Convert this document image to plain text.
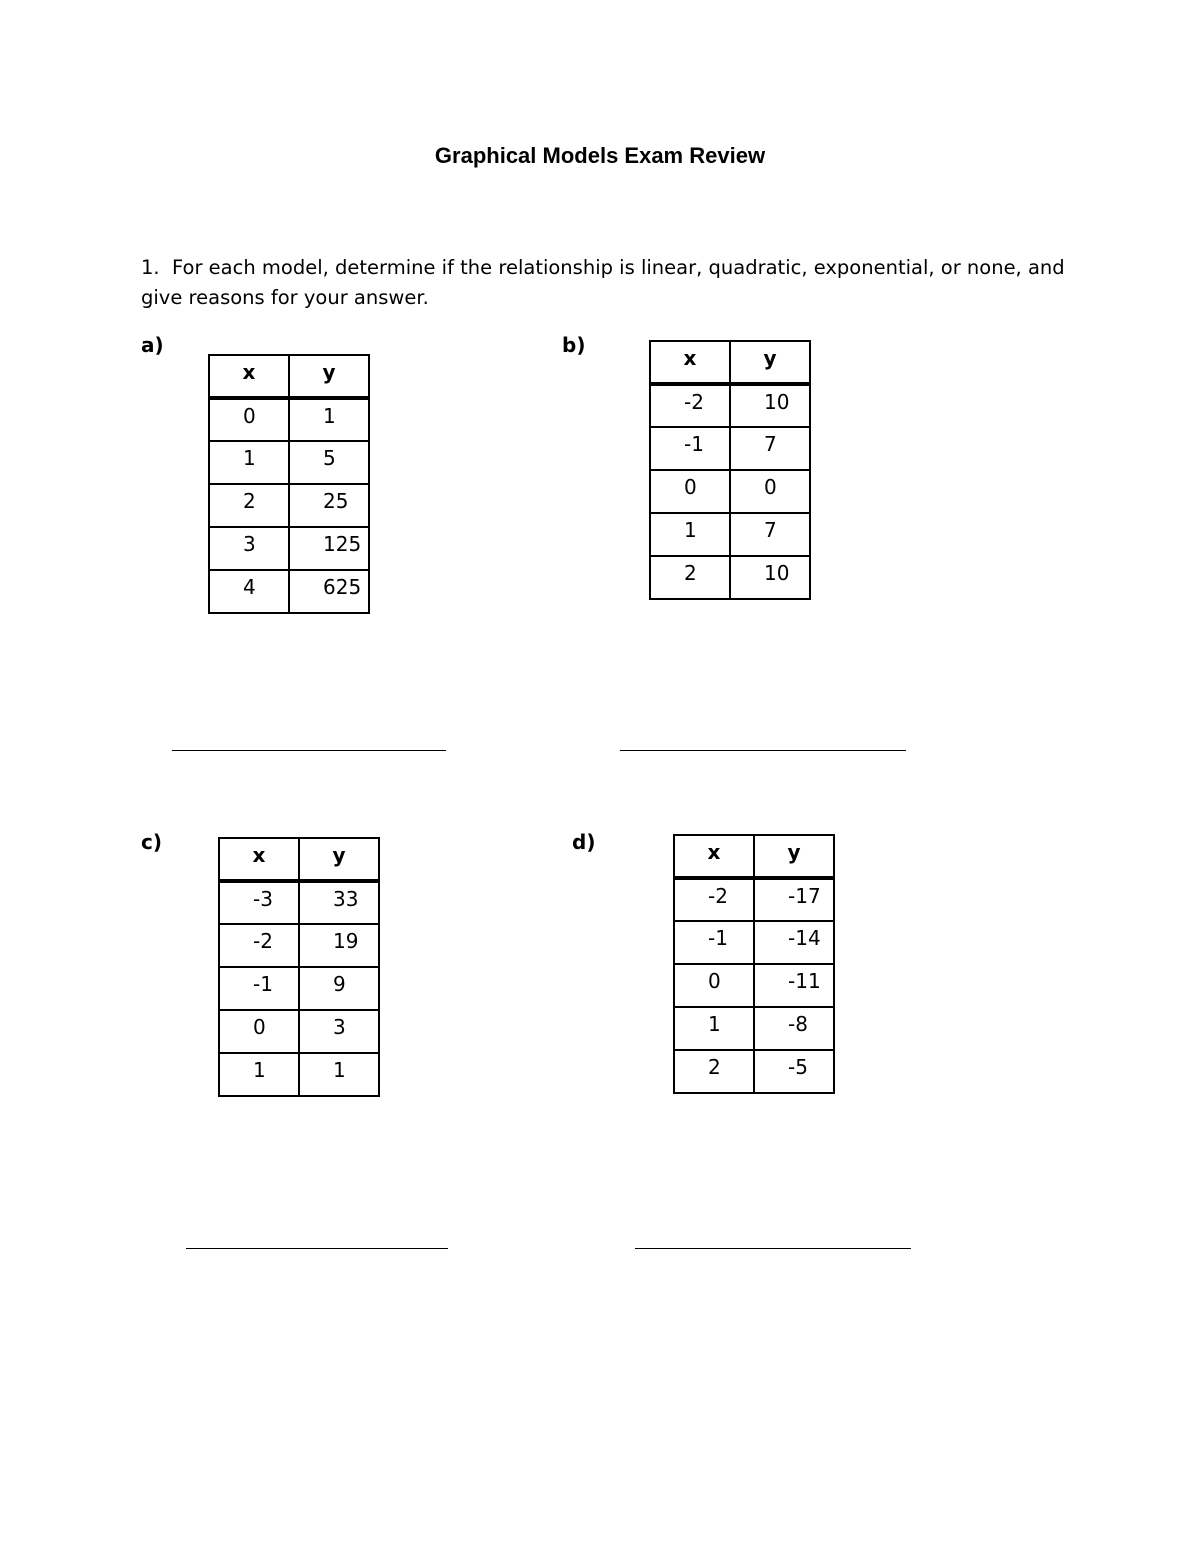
Graphical Models Exam Review

1. For each model, determine if the relationship is linear, quadratic, exponential, or none, and give reasons for your answer.

a)
x	y
0	1
1	5
2	25
3	125
4	625
b)
x	y
-2	10
-1	7
0	0
1	7
2	10
c)
x	y
-3	33
-2	19
-1	9
0	3
1	1
d)	x	y
-2	-17
-1	-14
0	-11
1	-8
2	-5
